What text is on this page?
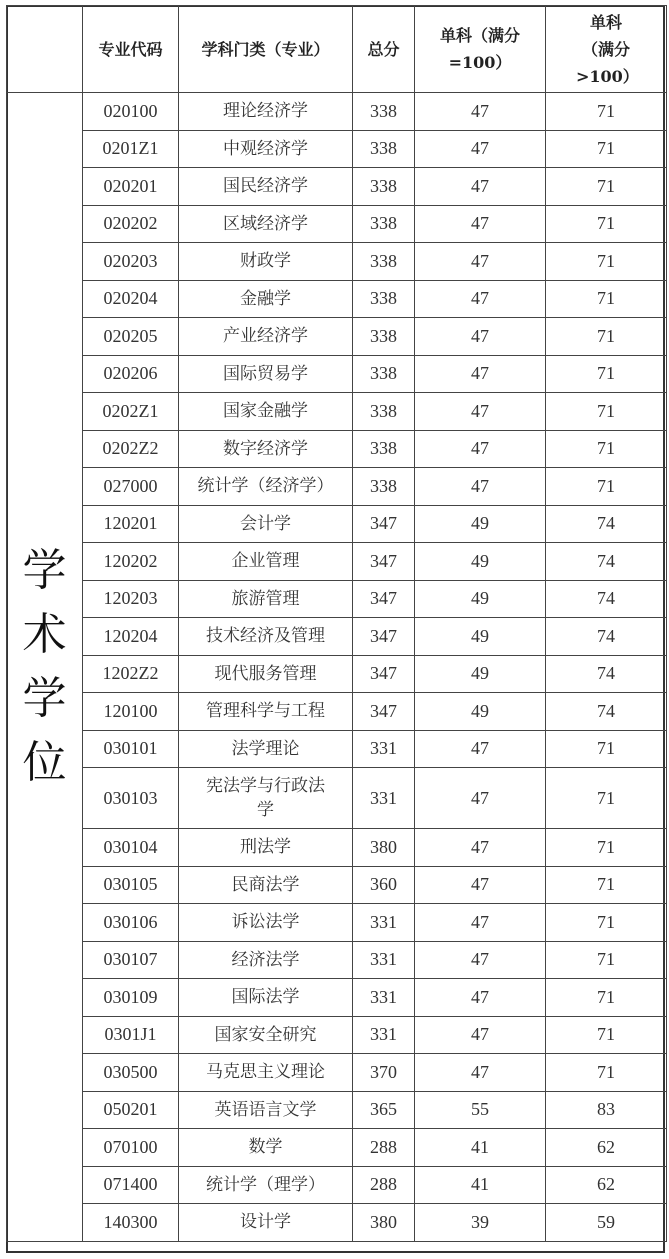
	专业代码	学科门类（专业）	总分	单科（满分=100）	单科（满分>100）
学术学位	020100	理论经济学	338	47	71
	0201Z1	中观经济学	338	47	71
	020201	国民经济学	338	47	71
	020202	区域经济学	338	47	71
	020203	财政学	338	47	71
	020204	金融学	338	47	71
	020205	产业经济学	338	47	71
	020206	国际贸易学	338	47	71
	0202Z1	国家金融学	338	47	71
	0202Z2	数字经济学	338	47	71
	027000	统计学（经济学）	338	47	71
	120201	会计学	347	49	74
	120202	企业管理	347	49	74
	120203	旅游管理	347	49	74
	120204	技术经济及管理	347	49	74
	1202Z2	现代服务管理	347	49	74
	120100	管理科学与工程	347	49	74
	030101	法学理论	331	47	71
	030103	宪法学与行政法学	331	47	71
	030104	刑法学	380	47	71
	030105	民商法学	360	47	71
	030106	诉讼法学	331	47	71
	030107	经济法学	331	47	71
	030109	国际法学	331	47	71
	0301J1	国家安全研究	331	47	71
	030500	马克思主义理论	370	47	71
	050201	英语语言文学	365	55	83
	070100	数学	288	41	62
	071400	统计学（理学）	288	41	62
	140300	设计学	380	39	59
